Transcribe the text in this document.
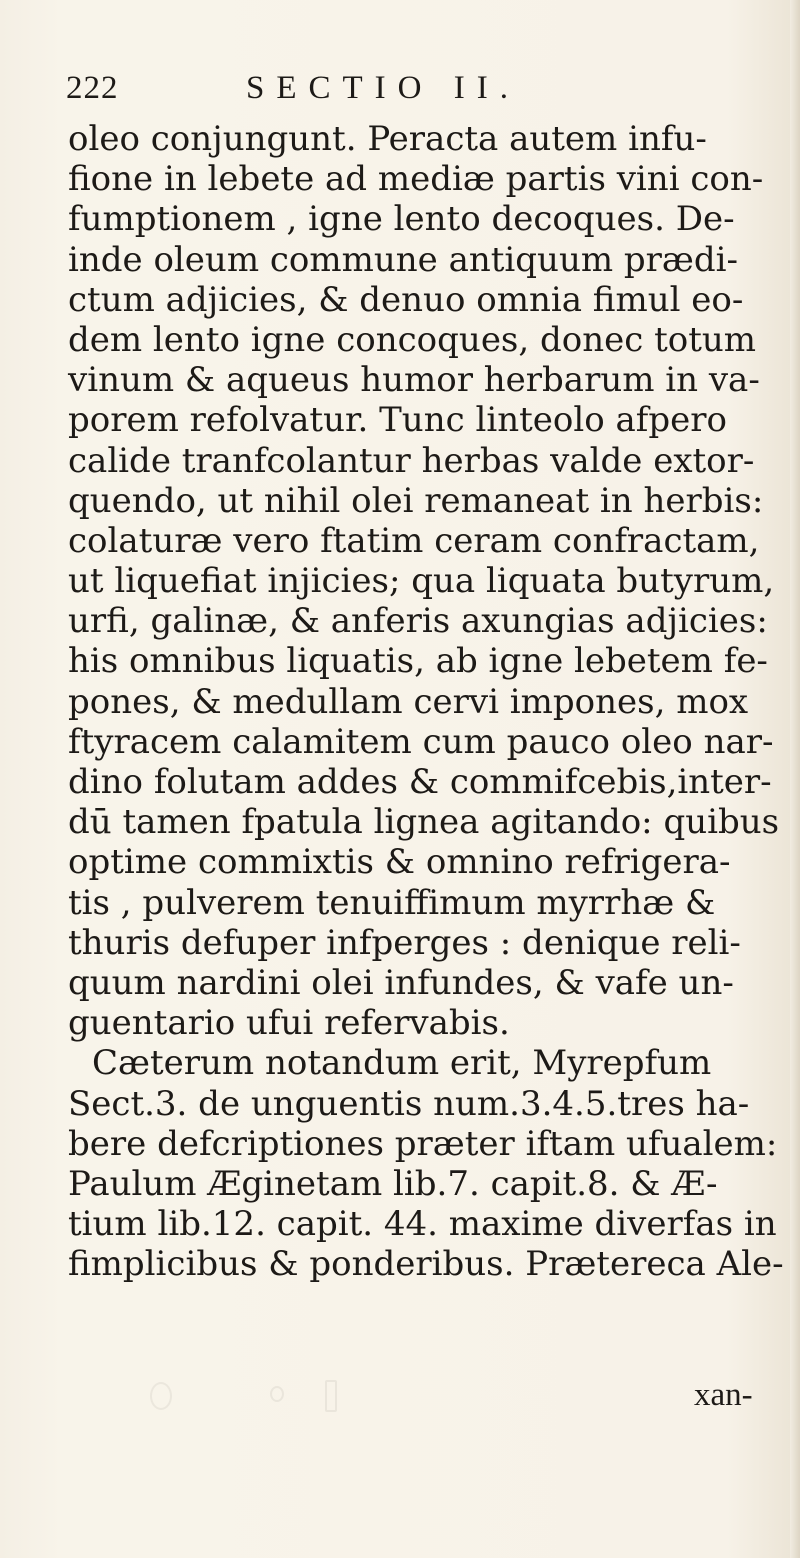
222	SECTIO II.
oleo conjungunt. Peracta autem infu-
fione in lebete ad mediæ partis vini con-
fumptionem , igne lento decoques. De-
inde oleum commune antiquum prædi-
ctum adjicies, & denuo omnia fimul eo-
dem lento igne concoques, donec totum
vinum & aqueus humor herbarum in va-
porem refolvatur. Tunc linteolo afpero
calide tranfcolantur herbas valde extor-
quendo, ut nihil olei remaneat in herbis:
colaturæ vero ftatim ceram confractam,
ut liquefiat injicies; qua liquata butyrum,
urfi, galinæ, & anferis axungias adjicies:
his omnibus liquatis, ab igne lebetem fe-
pones, & medullam cervi impones, mox
ftyracem calamitem cum pauco oleo nar-
dino folutam addes & commifcebis,inter-
dū tamen fpatula lignea agitando: quibus
optime commixtis & omnino refrigera-
tis , pulverem tenuiffimum myrrhæ &
thuris defuper infperges : denique reli-
quum nardini olei infundes, & vafe un-
guentario ufui refervabis.
Cæterum notandum erit, Myrepfum
Sect.3. de unguentis num.3.4.5.tres ha-
bere defcriptiones præter iftam ufualem:
Paulum Æginetam lib.7. capit.8. & Æ-
tium lib.12. capit. 44. maxime diverfas in
fimplicibus & ponderibus. Prætereca Ale-
xan-
